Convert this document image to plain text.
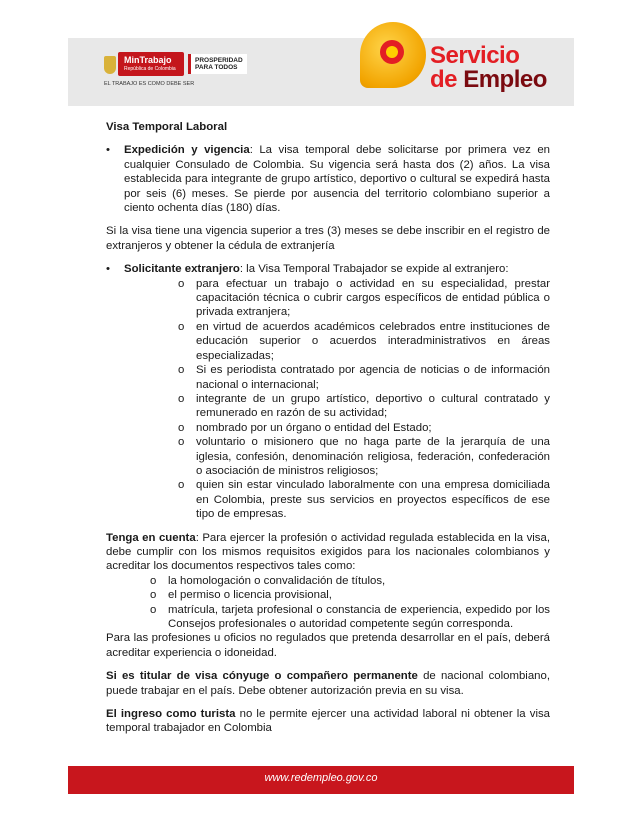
MinTrabajo
República de Colombia
PROSPERIDAD PARA TODOS
EL TRABAJO ES COMO DEBE SER
Servicio
de Empleo

Visa Temporal Laboral

• Expedición y vigencia: La visa temporal debe solicitarse por primera vez en cualquier Consulado de Colombia. Su vigencia será hasta dos (2) años. La visa establecida para integrante de grupo artístico, deportivo o cultural se expedirá hasta por seis (6) meses. Se pierde por ausencia del territorio colombiano superior a ciento ochenta días (180) días.

Si la visa tiene una vigencia superior a tres (3) meses se debe inscribir en el registro de extranjeros y obtener la cédula de extranjería

• Solicitante extranjero: la Visa Temporal Trabajador se expide al extranjero:

o para efectuar un trabajo o actividad en su especialidad, prestar capacitación técnica o cubrir cargos específicos de entidad pública o privada extranjera;

o en virtud de acuerdos académicos celebrados entre instituciones de educación superior o acuerdos interadministrativos en áreas especializadas;

o Si es periodista contratado por agencia de noticias o de información nacional o internacional;

o integrante de un grupo artístico, deportivo o cultural contratado y remunerado en razón de su actividad;

o nombrado por un órgano o entidad del Estado;

o voluntario o misionero que no haga parte de la jerarquía de una iglesia, confesión, denominación religiosa, federación, confederación o asociación de ministros religiosos;

o quien sin estar vinculado laboralmente con una empresa domiciliada en Colombia, preste sus servicios en proyectos específicos de ese tipo de empresas.

Tenga en cuenta: Para ejercer la profesión o actividad regulada establecida en la visa, debe cumplir con los mismos requisitos exigidos para los nacionales colombianos y acreditar los documentos respectivos tales como:

o la homologación o convalidación de títulos,

o el permiso o licencia provisional,

o matrícula, tarjeta profesional o constancia de experiencia, expedido por los Consejos profesionales o autoridad competente según corresponda.

Para las profesiones u oficios no regulados que pretenda desarrollar en el país, deberá acreditar experiencia o idoneidad.

Si es titular de visa cónyuge o compañero permanente de nacional colombiano, puede trabajar en el país. Debe obtener autorización previa en su visa.

El ingreso como turista no le permite ejercer una actividad laboral ni obtener la visa temporal trabajador en Colombia

www.redempleo.gov.co
